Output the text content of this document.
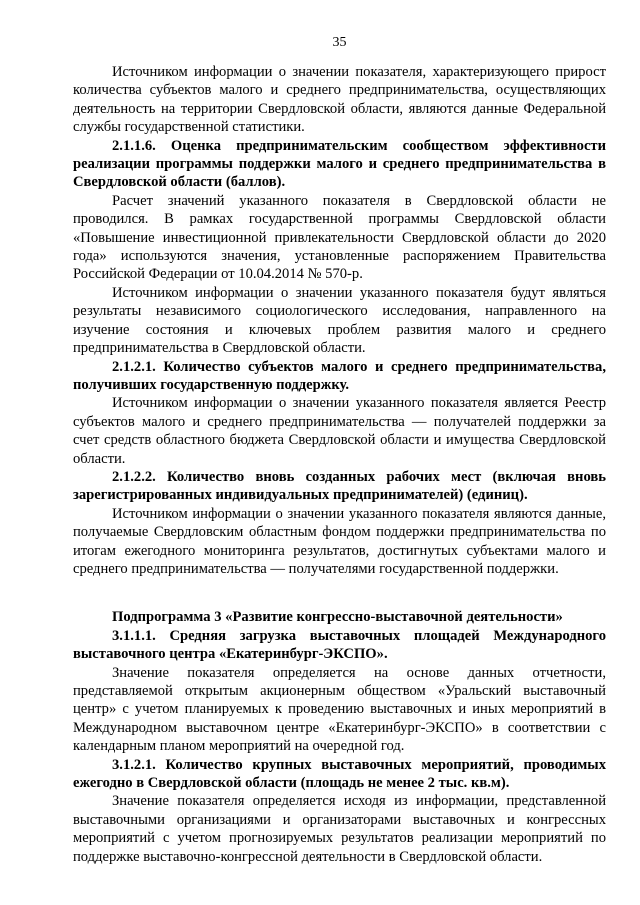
35

Источником информации о значении показателя, характеризующего прирост количества субъектов малого и среднего предпринимательства, осуществляющих деятельность на территории Свердловской области, являются данные Федеральной службы государственной статистики.

2.1.1.6. Оценка предпринимательским сообществом эффективности реализации программы поддержки малого и среднего предпринимательства в Свердловской области (баллов).

Расчет значений указанного показателя в Свердловской области не проводился. В рамках государственной программы Свердловской области «Повышение инвестиционной привлекательности Свердловской области до 2020 года» используются значения, установленные распоряжением Правительства Российской Федерации от 10.04.2014 № 570-р.

Источником информации о значении указанного показателя будут являться результаты независимого социологического исследования, направленного на изучение состояния и ключевых проблем развития малого и среднего предпринимательства в Свердловской области.

2.1.2.1. Количество субъектов малого и среднего предпринимательства, получивших государственную поддержку.

Источником информации о значении указанного показателя является Реестр субъектов малого и среднего предпринимательства — получателей поддержки за счет средств областного бюджета Свердловской области и имущества Свердловской области.

2.1.2.2. Количество вновь созданных рабочих мест (включая вновь зарегистрированных индивидуальных предпринимателей) (единиц).

Источником информации о значении указанного показателя являются данные, получаемые Свердловским областным фондом поддержки предпринимательства по итогам ежегодного мониторинга результатов, достигнутых субъектами малого и среднего предпринимательства — получателями государственной поддержки.

Подпрограмма 3 «Развитие конгрессно-выставочной деятельности»

3.1.1.1. Средняя загрузка выставочных площадей Международного выставочного центра «Екатеринбург-ЭКСПО».

Значение показателя определяется на основе данных отчетности, представляемой открытым акционерным обществом «Уральский выставочный центр» с учетом планируемых к проведению выставочных и иных мероприятий в Международном выставочном центре «Екатеринбург-ЭКСПО» в соответствии с календарным планом мероприятий на очередной год.

3.1.2.1. Количество крупных выставочных мероприятий, проводимых ежегодно в Свердловской области (площадь не менее 2 тыс. кв.м).

Значение показателя определяется исходя из информации, представленной выставочными организациями и организаторами выставочных и конгрессных мероприятий с учетом прогнозируемых результатов реализации мероприятий по поддержке выставочно-конгрессной деятельности в Свердловской области.
